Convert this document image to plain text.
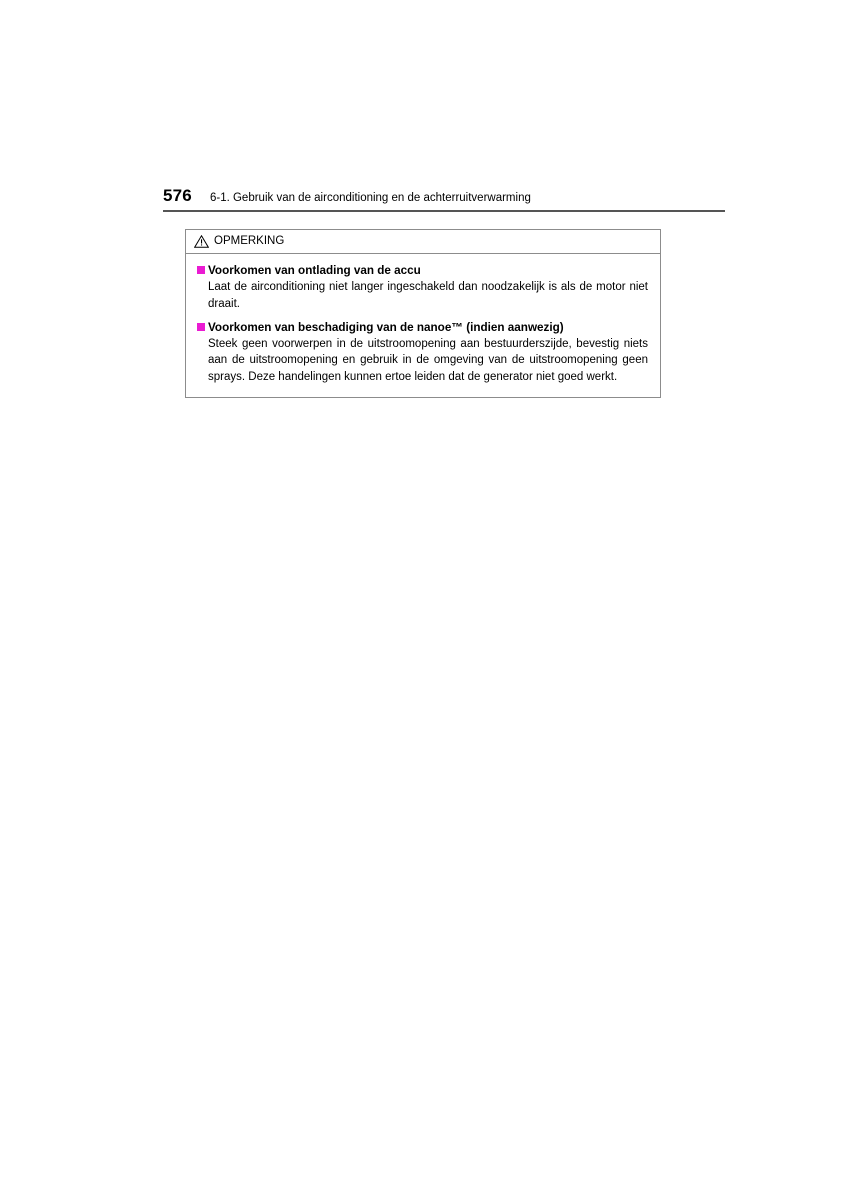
576 6-1. Gebruik van de airconditioning en de achterruitverwarming
OPMERKING
Voorkomen van ontlading van de accu
Laat de airconditioning niet langer ingeschakeld dan noodzakelijk is als de motor niet draait.
Voorkomen van beschadiging van de nanoe™ (indien aanwezig)
Steek geen voorwerpen in de uitstroomopening aan bestuurderszijde, bevestig niets aan de uitstroomopening en gebruik in de omgeving van de uitstroomopening geen sprays. Deze handelingen kunnen ertoe leiden dat de generator niet goed werkt.
